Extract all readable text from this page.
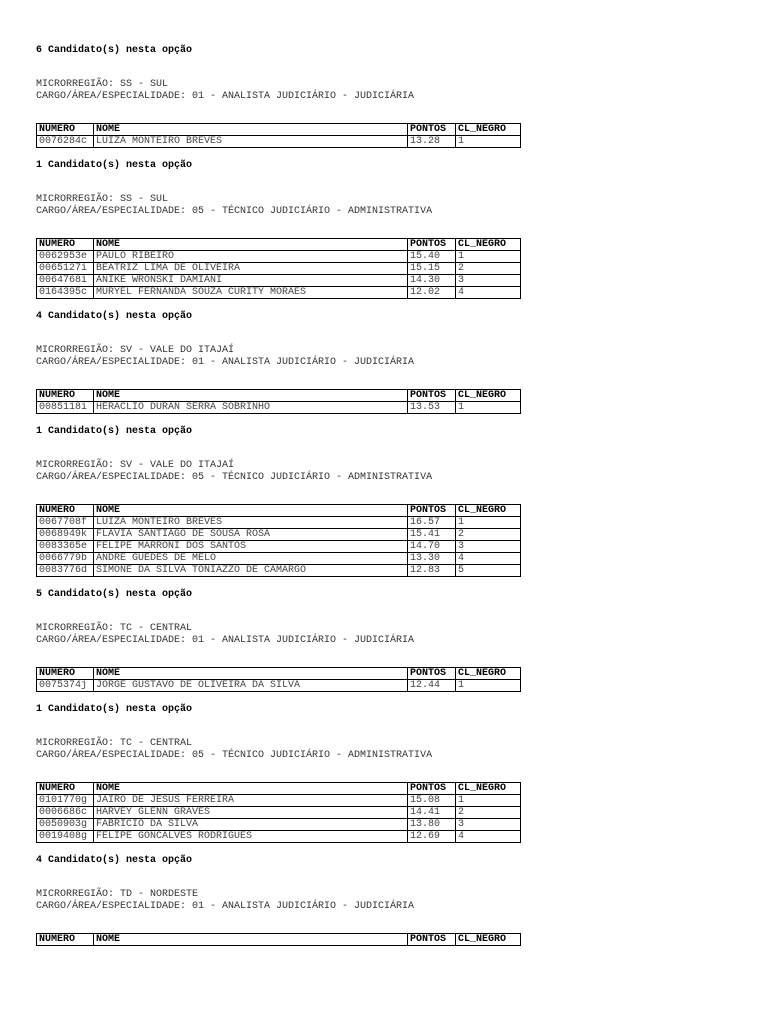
6 Candidato(s) nesta opção
MICRORREGIÃO: SS - SUL
CARGO/ÁREA/ESPECIALIDADE: 01 - ANALISTA JUDICIÁRIO - JUDICIÁRIA
NUMERO	NOME	PONTOS	CL_NEGRO
0076284c	LUIZA MONTEIRO BREVES	13.28	1
1 Candidato(s) nesta opção
MICRORREGIÃO: SS - SUL
CARGO/ÁREA/ESPECIALIDADE: 05 - TÉCNICO JUDICIÁRIO - ADMINISTRATIVA
NUMERO	NOME	PONTOS	CL_NEGRO
0062953e	PAULO RIBEIRO	15.40	1
0065127i	BEATRIZ LIMA DE OLIVEIRA	15.15	2
0064768i	ANIKE WRONSKI DAMIANI	14.30	3
0164395c	MURYEL FERNANDA SOUZA CURITY MORAES	12.02	4
4 Candidato(s) nesta opção
MICRORREGIÃO: SV - VALE DO ITAJAÍ
CARGO/ÁREA/ESPECIALIDADE: 01 - ANALISTA JUDICIÁRIO - JUDICIÁRIA
NUMERO	NOME	PONTOS	CL_NEGRO
0085118i	HERACLIO DURAN SERRA SOBRINHO	13.53	1
1 Candidato(s) nesta opção
MICRORREGIÃO: SV - VALE DO ITAJAÍ
CARGO/ÁREA/ESPECIALIDADE: 05 - TÉCNICO JUDICIÁRIO - ADMINISTRATIVA
NUMERO	NOME	PONTOS	CL_NEGRO
0067708f	LUIZA MONTEIRO BREVES	16.57	1
0068949k	FLAVIA SANTIAGO DE SOUSA ROSA	15.41	2
0083365e	FELIPE MARRONI DOS SANTOS	14.70	3
0066779b	ANDRE GUEDES DE MELO	13.30	4
0083776d	SIMONE DA SILVA TONIAZZO DE CAMARGO	12.83	5
5 Candidato(s) nesta opção
MICRORREGIÃO: TC - CENTRAL
CARGO/ÁREA/ESPECIALIDADE: 01 - ANALISTA JUDICIÁRIO - JUDICIÁRIA
NUMERO	NOME	PONTOS	CL_NEGRO
0075374j	JORGE GUSTAVO DE OLIVEIRA DA SILVA	12.44	1
1 Candidato(s) nesta opção
MICRORREGIÃO: TC - CENTRAL
CARGO/ÁREA/ESPECIALIDADE: 05 - TÉCNICO JUDICIÁRIO - ADMINISTRATIVA
NUMERO	NOME	PONTOS	CL_NEGRO
0101770g	JAIRO DE JESUS FERREIRA	15.08	1
0006686c	HARVEY GLENN GRAVES	14.41	2
0050903g	FABRICIO DA SILVA	13.80	3
0019408g	FELIPE GONCALVES RODRIGUES	12.69	4
4 Candidato(s) nesta opção
MICRORREGIÃO: TD - NORDESTE
CARGO/ÁREA/ESPECIALIDADE: 01 - ANALISTA JUDICIÁRIO - JUDICIÁRIA
NUMERO	NOME	PONTOS	CL_NEGRO
